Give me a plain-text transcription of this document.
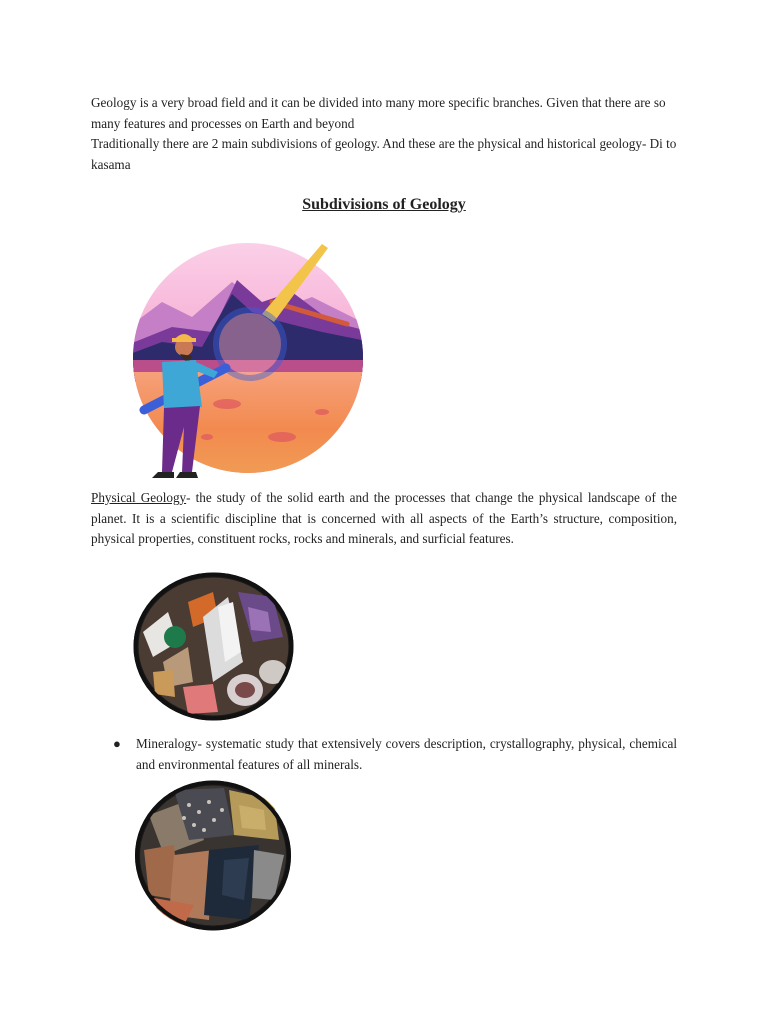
Geology is a very broad field and it can be divided into many more specific branches. Given that there are so many features and processes on Earth and beyond
Traditionally there are 2 main subdivisions of geology. And these are the physical and historical geology- Di to kasama

Subdivisions of Geology

Physical Geology- the study of the solid earth and the processes that change the physical landscape of the planet. It is a scientific discipline that is concerned with all aspects of the Earth’s structure, composition, physical properties, constituent rocks, rocks and minerals, and surficial features.

● Mineralogy- systematic study that extensively covers description, crystallography, physical, chemical and environmental features of all minerals.
